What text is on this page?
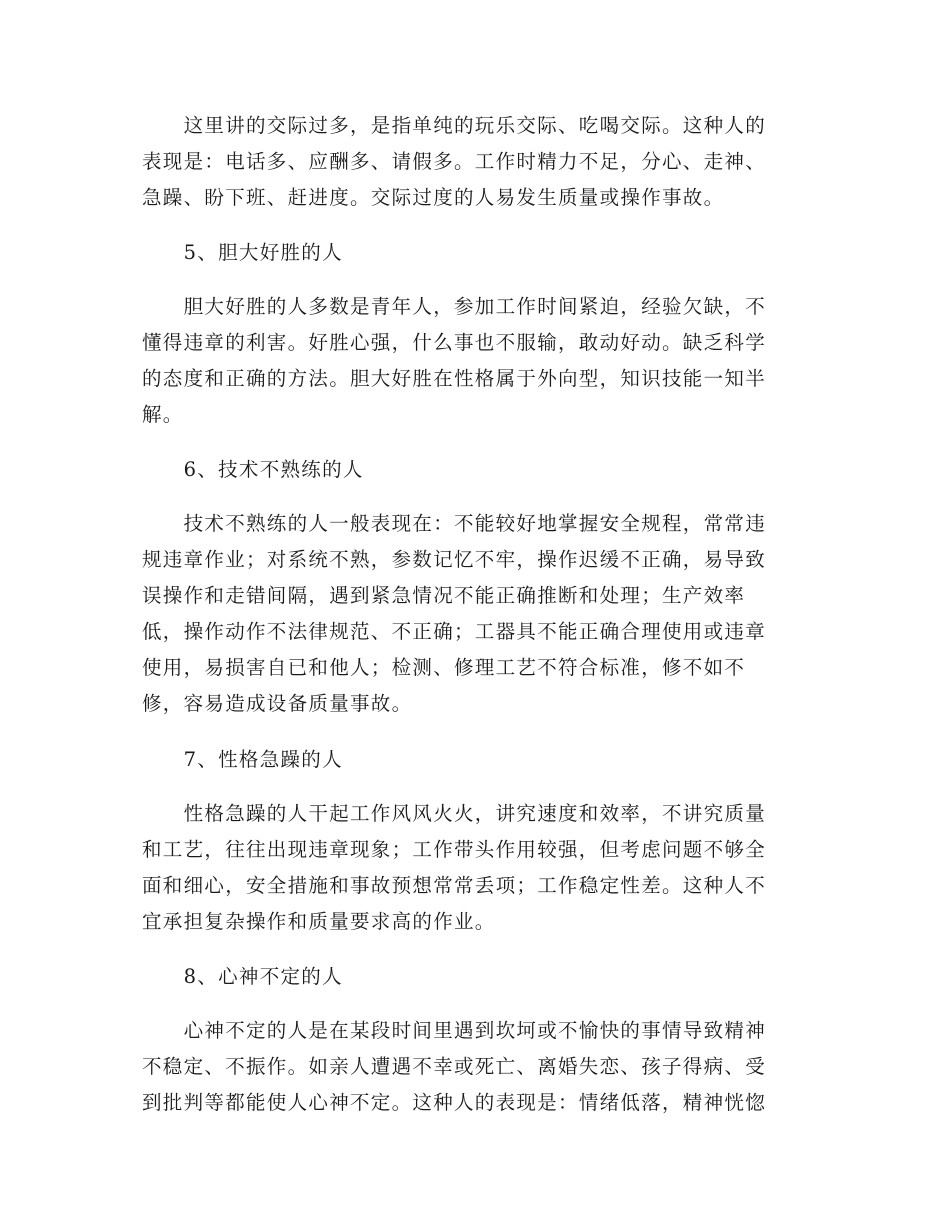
　　这里讲的交际过多，是指单纯的玩乐交际、吃喝交际。这种人的
表现是：电话多、应酬多、请假多。工作时精力不足，分心、走神、
急躁、盼下班、赶进度。交际过度的人易发生质量或操作事故。
　　5、胆大好胜的人
　　胆大好胜的人多数是青年人，参加工作时间紧迫，经验欠缺，不
懂得违章的利害。好胜心强，什么事也不服输，敢动好动。缺乏科学
的态度和正确的方法。胆大好胜在性格属于外向型，知识技能一知半
解。
　　6、技术不熟练的人
　　技术不熟练的人一般表现在：不能较好地掌握安全规程，常常违
规违章作业；对系统不熟，参数记忆不牢，操作迟缓不正确，易导致
误操作和走错间隔，遇到紧急情况不能正确推断和处理；生产效率
低，操作动作不法律规范、不正确；工器具不能正确合理使用或违章
使用，易损害自已和他人；检测、修理工艺不符合标准，修不如不
修，容易造成设备质量事故。
　　7、性格急躁的人
　　性格急躁的人干起工作风风火火，讲究速度和效率，不讲究质量
和工艺，往往出现违章现象；工作带头作用较强，但考虑问题不够全
面和细心，安全措施和事故预想常常丢项；工作稳定性差。这种人不
宜承担复杂操作和质量要求高的作业。
　　8、心神不定的人
　　心神不定的人是在某段时间里遇到坎坷或不愉快的事情导致精神
不稳定、不振作。如亲人遭遇不幸或死亡、离婚失恋、孩子得病、受
到批判等都能使人心神不定。这种人的表现是：情绪低落，精神恍惚
